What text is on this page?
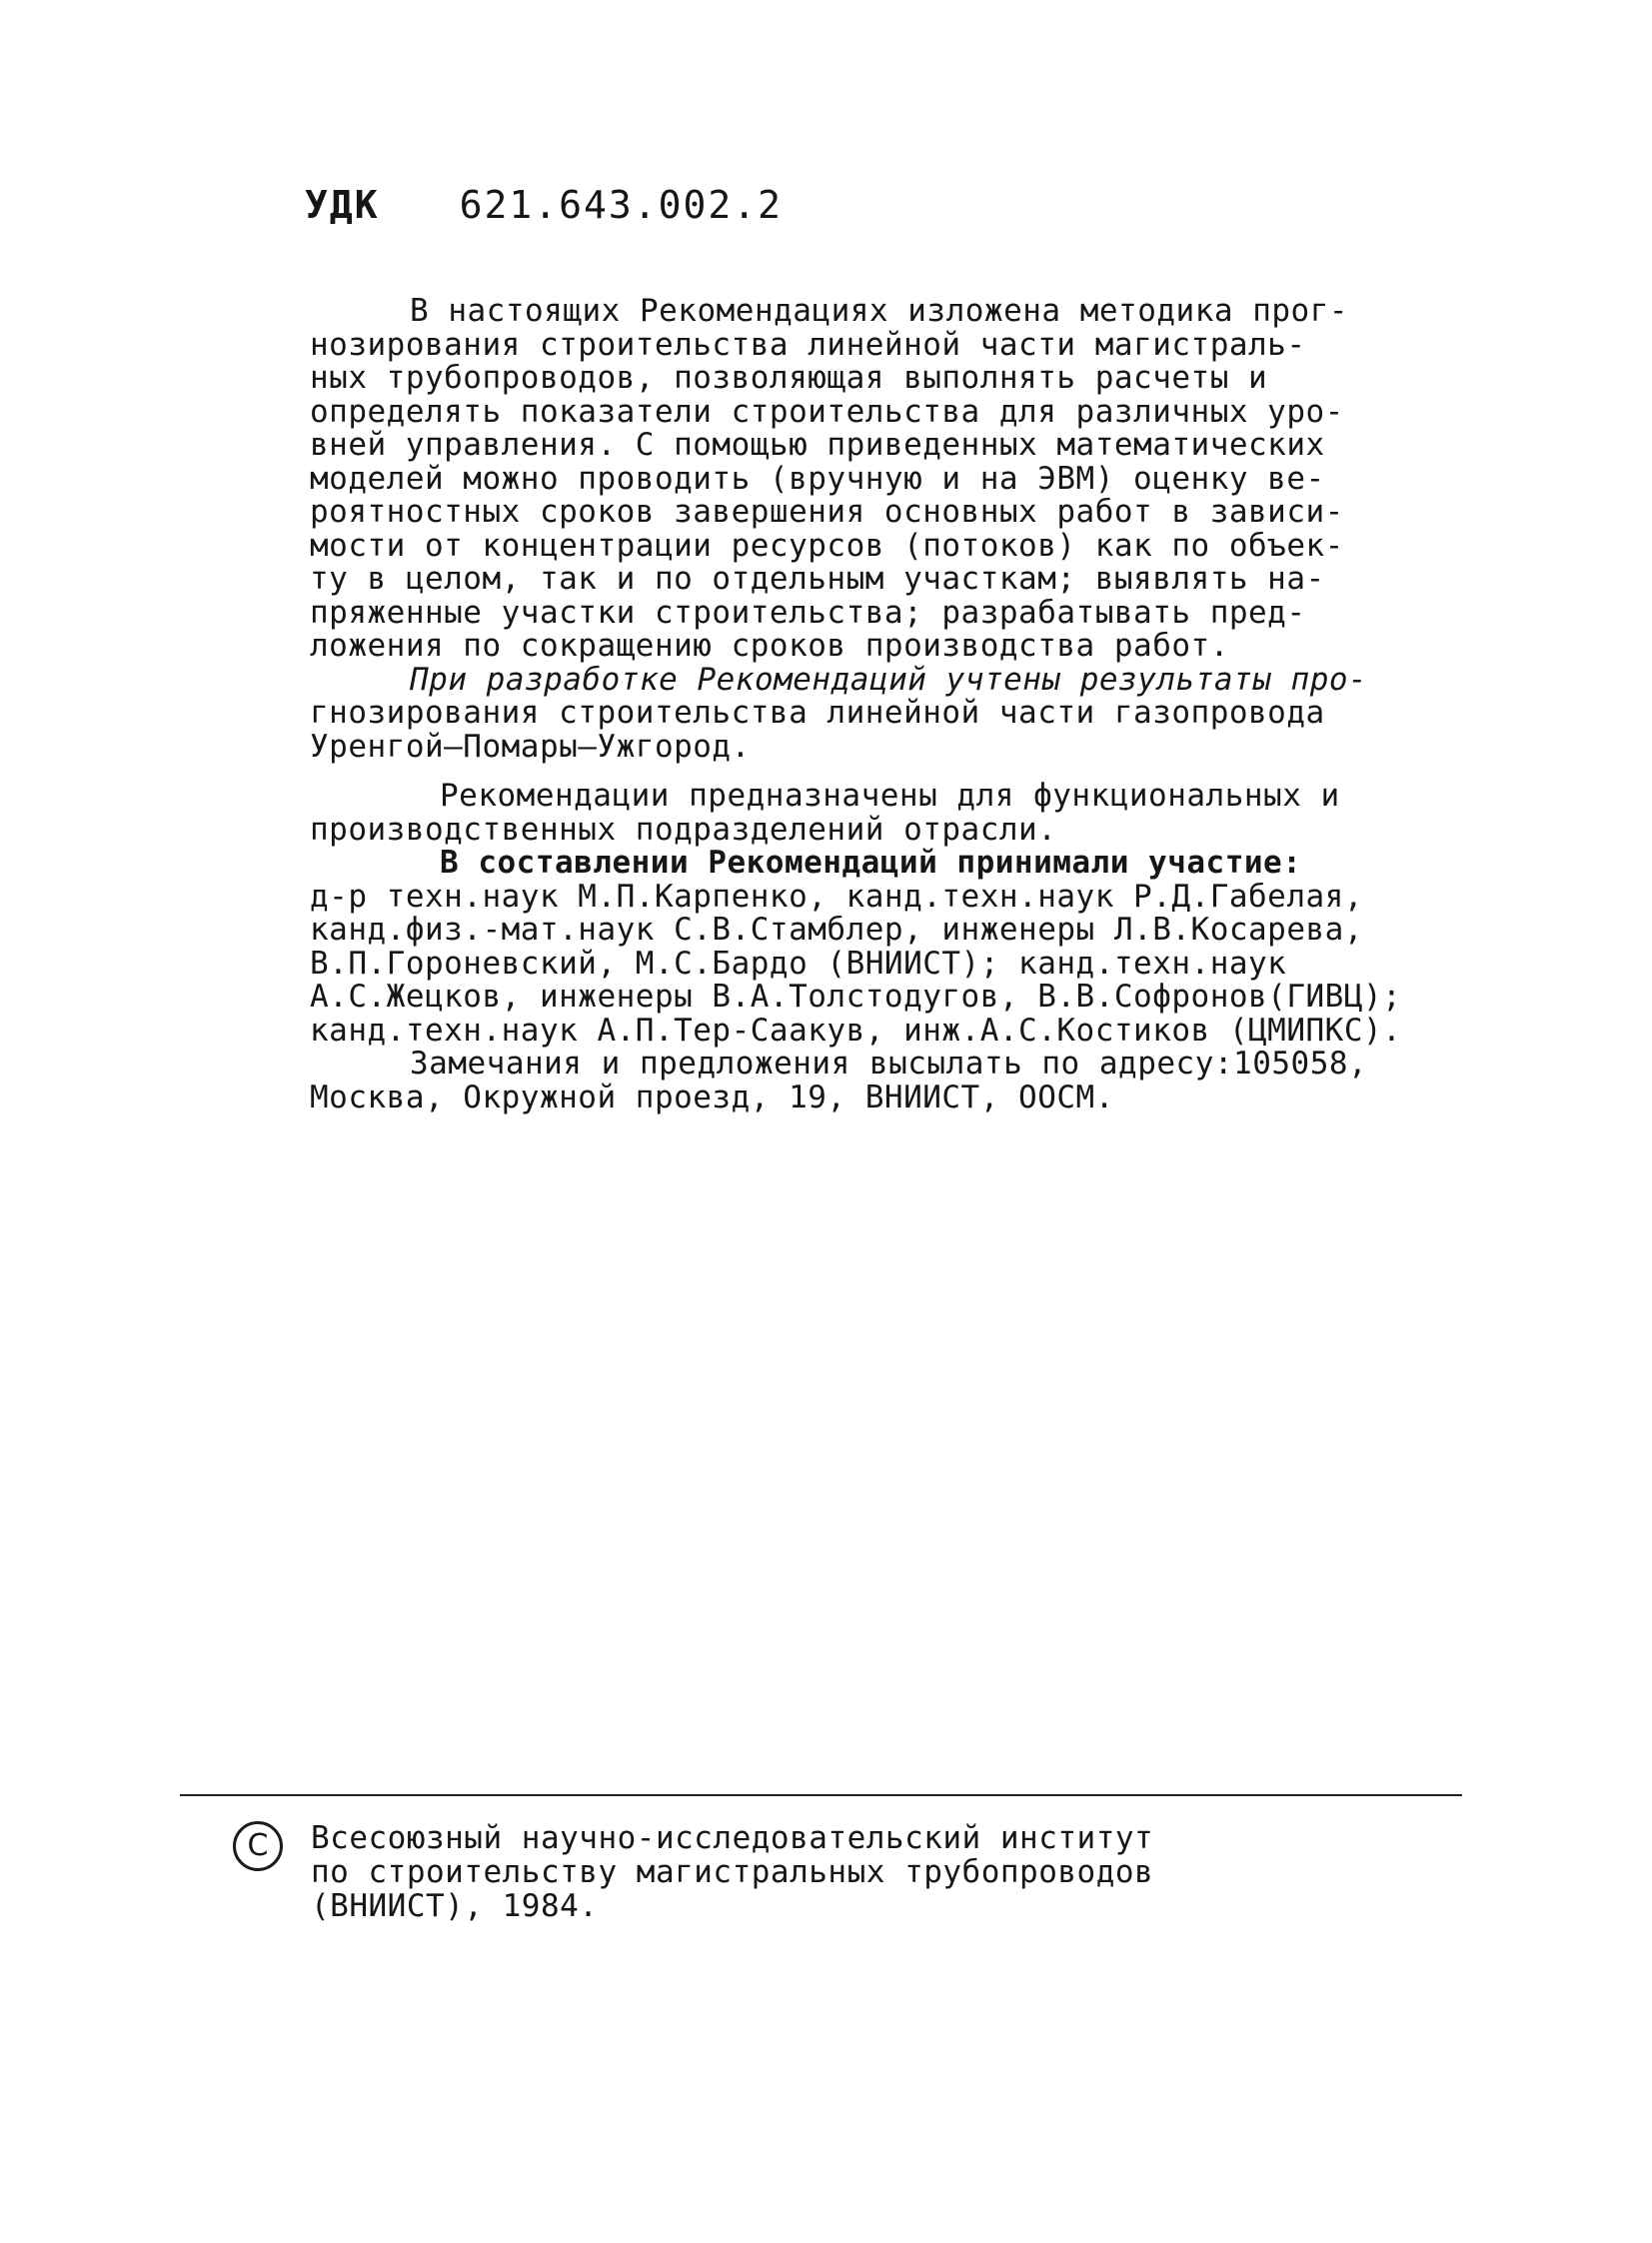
УДК 621.643.002.2
В настоящих Рекомендациях изложена методика прог-
нозирования строительства линейной части магистраль-
ных трубопроводов, позволяющая выполнять расчеты и
определять показатели строительства для различных уро-
вней управления. С помощью приведенных математических
моделей можно проводить (вручную и на ЭВМ) оценку ве-
роятностных сроков завершения основных работ в зависи-
мости от концентрации ресурсов (потоков) как по объек-
ту в целом, так и по отдельным участкам; выявлять на-
пряженные участки строительства; разрабатывать пред-
ложения по сокращению сроков производства работ.
При разработке Рекомендаций учтены результаты про-
гнозирования строительства линейной части газопровода
Уренгой–Помары–Ужгород.
Рекомендации предназначены для функциональных и
производственных подразделений отрасли.
В составлении Рекомендаций принимали участие:
д-р техн.наук М.П.Карпенко, канд.техн.наук Р.Д.Габелая,
канд.физ.-мат.наук С.В.Стамблер, инженеры Л.В.Косарева,
В.П.Гороневский, М.С.Бардо (ВНИИСТ); канд.техн.наук
А.С.Жецков, инженеры В.А.Толстодугов, В.В.Софронов(ГИВЦ);
канд.техн.наук А.П.Тер-Саакув, инж.А.С.Костиков (ЦМИПКС).
Замечания и предложения высылать по адресу:105058,
Москва, Окружной проезд, 19, ВНИИСТ, ООСМ.
C Всесоюзный научно-исследовательский институт
по строительству магистральных трубопроводов
(ВНИИСТ), 1984.
